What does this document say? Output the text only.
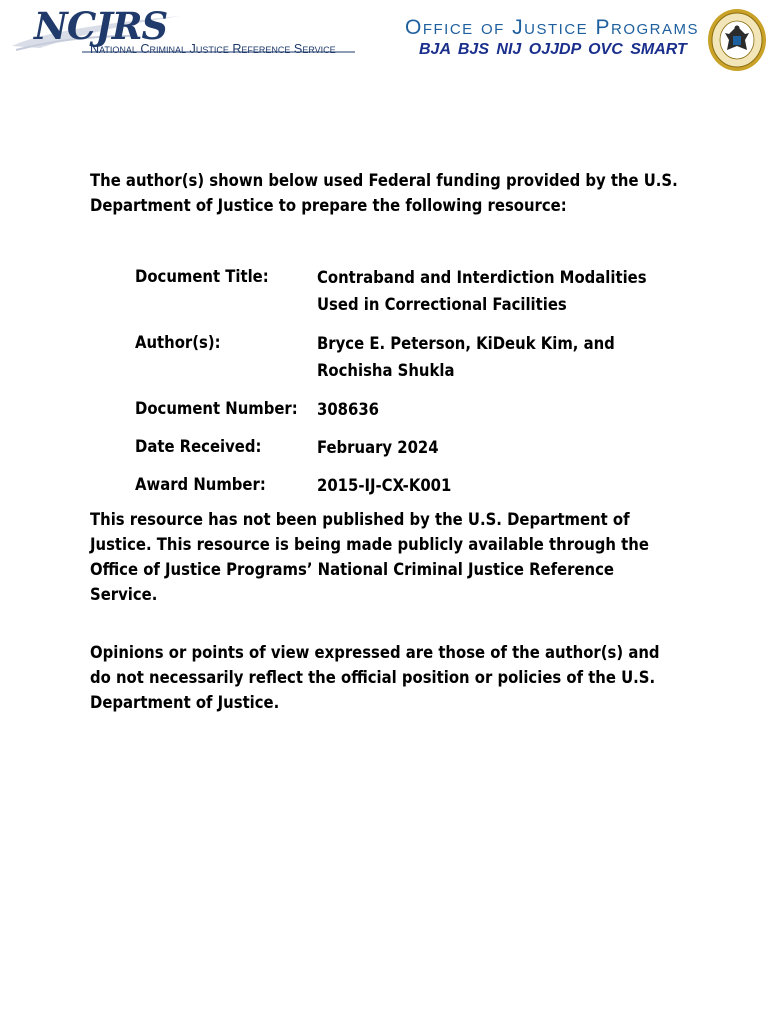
NCJRS
National Criminal Justice Reference Service
Office of Justice Programs
BJA BJS NIJ OJJDP OVC SMART

The author(s) shown below used Federal funding provided by the U.S. Department of Justice to prepare the following resource:

Document Title:	Contraband and Interdiction Modalities Used in Correctional Facilities
Author(s):	Bryce E. Peterson, KiDeuk Kim, and Rochisha Shukla
Document Number: 308636
Date Received:	February 2024
Award Number:	2015-IJ-CX-K001

This resource has not been published by the U.S. Department of Justice. This resource is being made publicly available through the Office of Justice Programs’ National Criminal Justice Reference Service.

Opinions or points of view expressed are those of the author(s) and do not necessarily reflect the official position or policies of the U.S. Department of Justice.
